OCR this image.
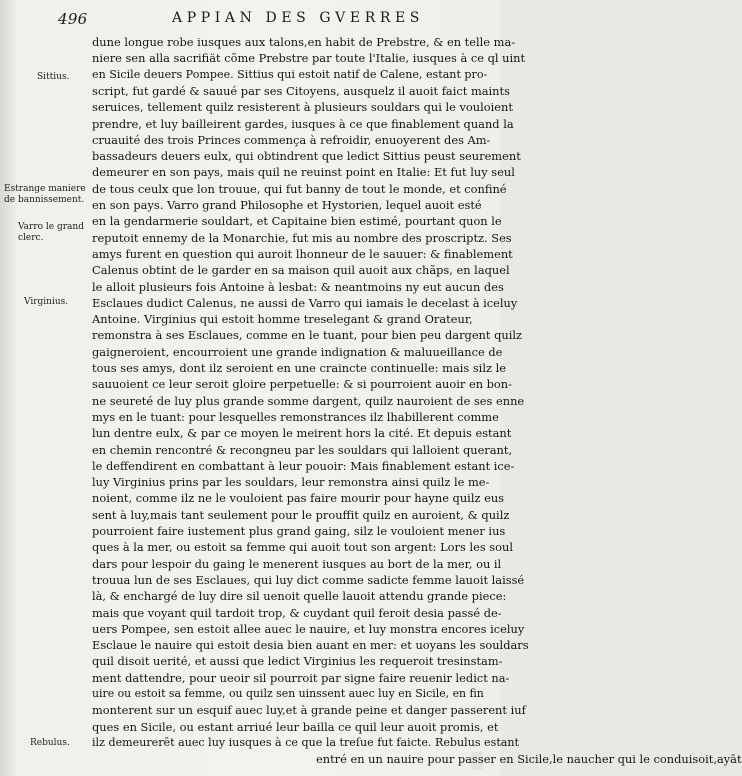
496	APPIAN DES GVERRES
Sittius.
Estrange maniere
de bannissement.
Varro le grand
clerc.
Virginius.
Rebulus.
dune longue robe iusques aux talons,en habit de Prebstre, & en telle ma-
niere sen alla sacrifiät cõme Prebstre par toute l'Italie, iusques à ce ql uint
en Sicile deuers Pompee. Sittius qui estoit natif de Calene, estant pro-
script, fut gardé & sauué par ses Citoyens, ausquelz il auoit faict maints
seruices, tellement quilz resisterent à plusieurs souldars qui le vouloient
prendre, et luy bailleirent gardes, iusques à ce que finablement quand la
cruauité des trois Princes commença à refroidir, enuoyerent des Am-
bassadeurs deuers eulx, qui obtindrent que ledict Sittius peust seurement
demeurer en son pays, mais quil ne reuinst point en Italie: Et fut luy seul
de tous ceulx que lon trouue, qui fut banny de tout le monde, et confiné
en son pays. Varro grand Philosophe et Hystorien, lequel auoit esté
en la gendarmerie souldart, et Capitaine bien estimé, pourtant quon le
reputoit ennemy de la Monarchie, fut mis au nombre des proscriptz. Ses
amys furent en question qui auroit lhonneur de le sauuer: & finablement
Calenus obtint de le garder en sa maison quil auoit aux chãps, en laquel
le alloit plusieurs fois Antoine à lesbat: & neantmoins ny eut aucun des
Esclaues dudict Calenus, ne aussi de Varro qui iamais le decelast à iceluy
Antoine. Virginius qui estoit homme treselegant & grand Orateur,
remonstra à ses Esclaues, comme en le tuant, pour bien peu dargent quilz
gaigneroient, encourroient une grande indignation & maluueillance de
tous ses amys, dont ilz seroient en une craincte continuelle: mais silz le
sauuoient ce leur seroit gloire perpetuelle: & si pourroient auoir en bon-
ne seureté de luy plus grande somme dargent, quilz nauroient de ses enne
mys en le tuant: pour lesquelles remonstrances ilz lhabillerent comme
lun dentre eulx, & par ce moyen le meirent hors la cité. Et depuis estant
en chemin rencontré & recongneu par les souldars qui lalloient querant,
le deffendirent en combattant à leur pouoir: Mais finablement estant ice-
luy Virginius prins par les souldars, leur remonstra ainsi quilz le me-
noient, comme ilz ne le vouloient pas faire mourir pour hayne quilz eus
sent à luy,mais tant seulement pour le prouffit quilz en auroient, & quilz
pourroient faire iustement plus grand gaing, silz le vouloient mener ius
ques à la mer, ou estoit sa femme qui auoit tout son argent: Lors les soul
dars pour lespoir du gaing le menerent iusques au bort de la mer, ou il
trouua lun de ses Esclaues, qui luy dict comme sadicte femme lauoit laissé
là, & enchargé de luy dire sil uenoit quelle lauoit attendu grande piece:
mais que voyant quil tardoit trop, & cuydant quil feroit desia passé de-
uers Pompee, sen estoit allee auec le nauire, et luy monstra encores iceluy
Esclaue le nauire qui estoit desia bien auant en mer: et uoyans les souldars
quil disoit uerité, et aussi que ledict Virginius les requeroit tresinstam-
ment dattendre, pour ueoir sil pourroit par signe faire reuenir ledict na-
uire ou estoit sa femme, ou quilz sen uinssent auec luy en Sicile, en fin
monterent sur un esquif auec luy,et à grande peine et danger passerent iuf
ques en Sicile, ou estant arriué leur bailla ce quil leur auoit promis, et
ilz demeurerēt auec luy iusques à ce que la treſue fut faicte. Rebulus estant
entré en un nauire pour passer en Sicile,le naucher qui le conduisoit,ayāt
